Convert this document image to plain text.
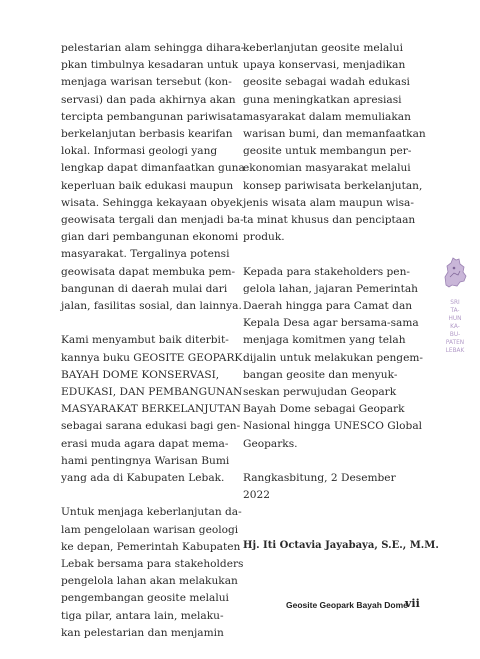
pelestarian alam sehingga dihara-
pkan timbulnya kesadaran untuk
menjaga warisan tersebut (kon-
servasi) dan pada akhirnya akan
tercipta pembangunan pariwisata
berkelanjutan berbasis kearifan
lokal. Informasi geologi yang
lengkap dapat dimanfaatkan guna
keperluan baik edukasi maupun
wisata. Sehingga kekayaan obyek
geowisata tergali dan menjadi ba-
gian dari pembangunan ekonomi
masyarakat. Tergalinya potensi
geowisata dapat membuka pem-
bangunan di daerah mulai dari
jalan, fasilitas sosial, dan lainnya.

Kami menyambut baik diterbit-
kannya buku GEOSITE GEOPARK
BAYAH DOME KONSERVASI,
EDUKASI, DAN PEMBANGUNAN
MASYARAKAT BERKELANJUTAN
sebagai sarana edukasi bagi gen-
erasi muda agara dapat mema-
hami pentingnya Warisan Bumi
yang ada di Kabupaten Lebak.

Untuk menjaga keberlanjutan da-
lam pengelolaan warisan geologi
ke depan, Pemerintah Kabupaten
Lebak bersama para stakeholders
pengelola lahan akan melakukan
pengembangan geosite melalui
tiga pilar, antara lain, melaku-
kan pelestarian dan menjamin

keberlanjutan geosite melalui
upaya konservasi, menjadikan
geosite sebagai wadah edukasi
guna meningkatkan apresiasi
masyarakat dalam memuliakan
warisan bumi, dan memanfaatkan
geosite untuk membangun per-
ekonomian masyarakat melalui
konsep pariwisata berkelanjutan,
jenis wisata alam maupun wisa-
ta minat khusus dan penciptaan
produk.

Kepada para stakeholders pen-
gelola lahan, jajaran Pemerintah
Daerah hingga para Camat dan
Kepala Desa agar bersama-sama
menjaga komitmen yang telah
dijalin untuk melakukan pengem-
bangan geosite dan menyuk-
seskan perwujudan Geopark
Bayah Dome sebagai Geopark
Nasional hingga UNESCO Global
Geoparks.

Rangkasbitung, 2 Desember 2022

Hj. Iti Octavia Jayabaya, S.E., M.M.
SRI
TA-
HUN
KA-
BU-
PATEN
LEBAK
Geosite Geopark Bayah Dome
vii
